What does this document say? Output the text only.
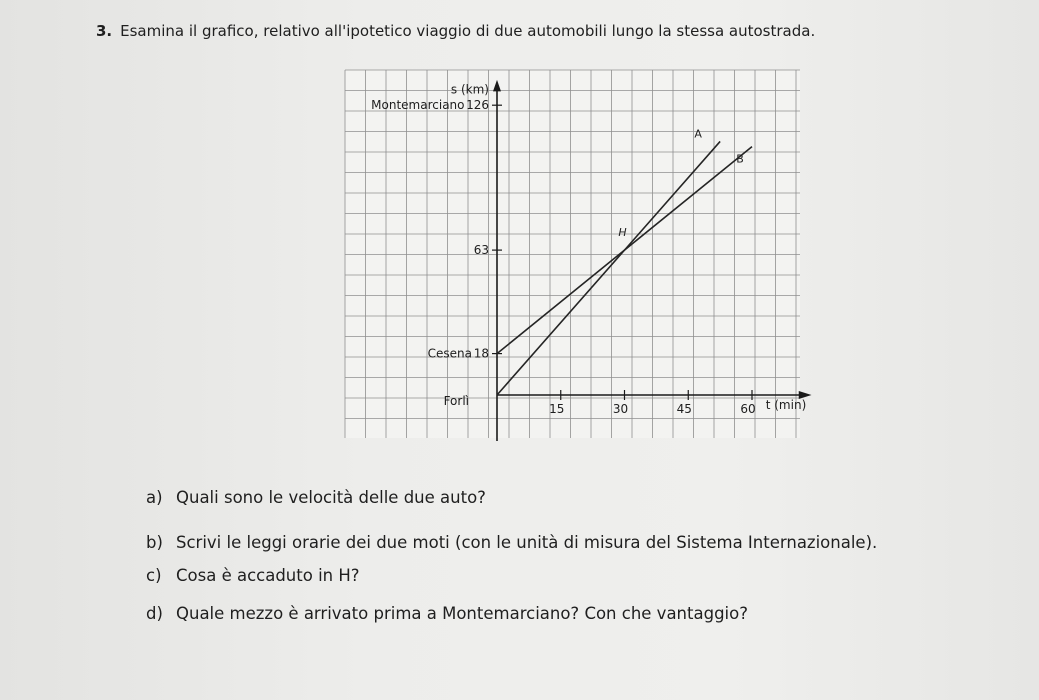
3. Esamina il grafico, relativo all'ipotetico viaggio di due automobili lungo la stessa autostrada.
15	30	45	60
18
Cesena
63
126
Montemarciano
s (km)
t (min)
Forlì
A
B
H
a) Quali sono le velocità delle due auto?
b) Scrivi le leggi orarie dei due moti (con le unità di misura del Sistema Internazionale).
c) Cosa è accaduto in H?
d) Quale mezzo è arrivato prima a Montemarciano? Con che vantaggio?
